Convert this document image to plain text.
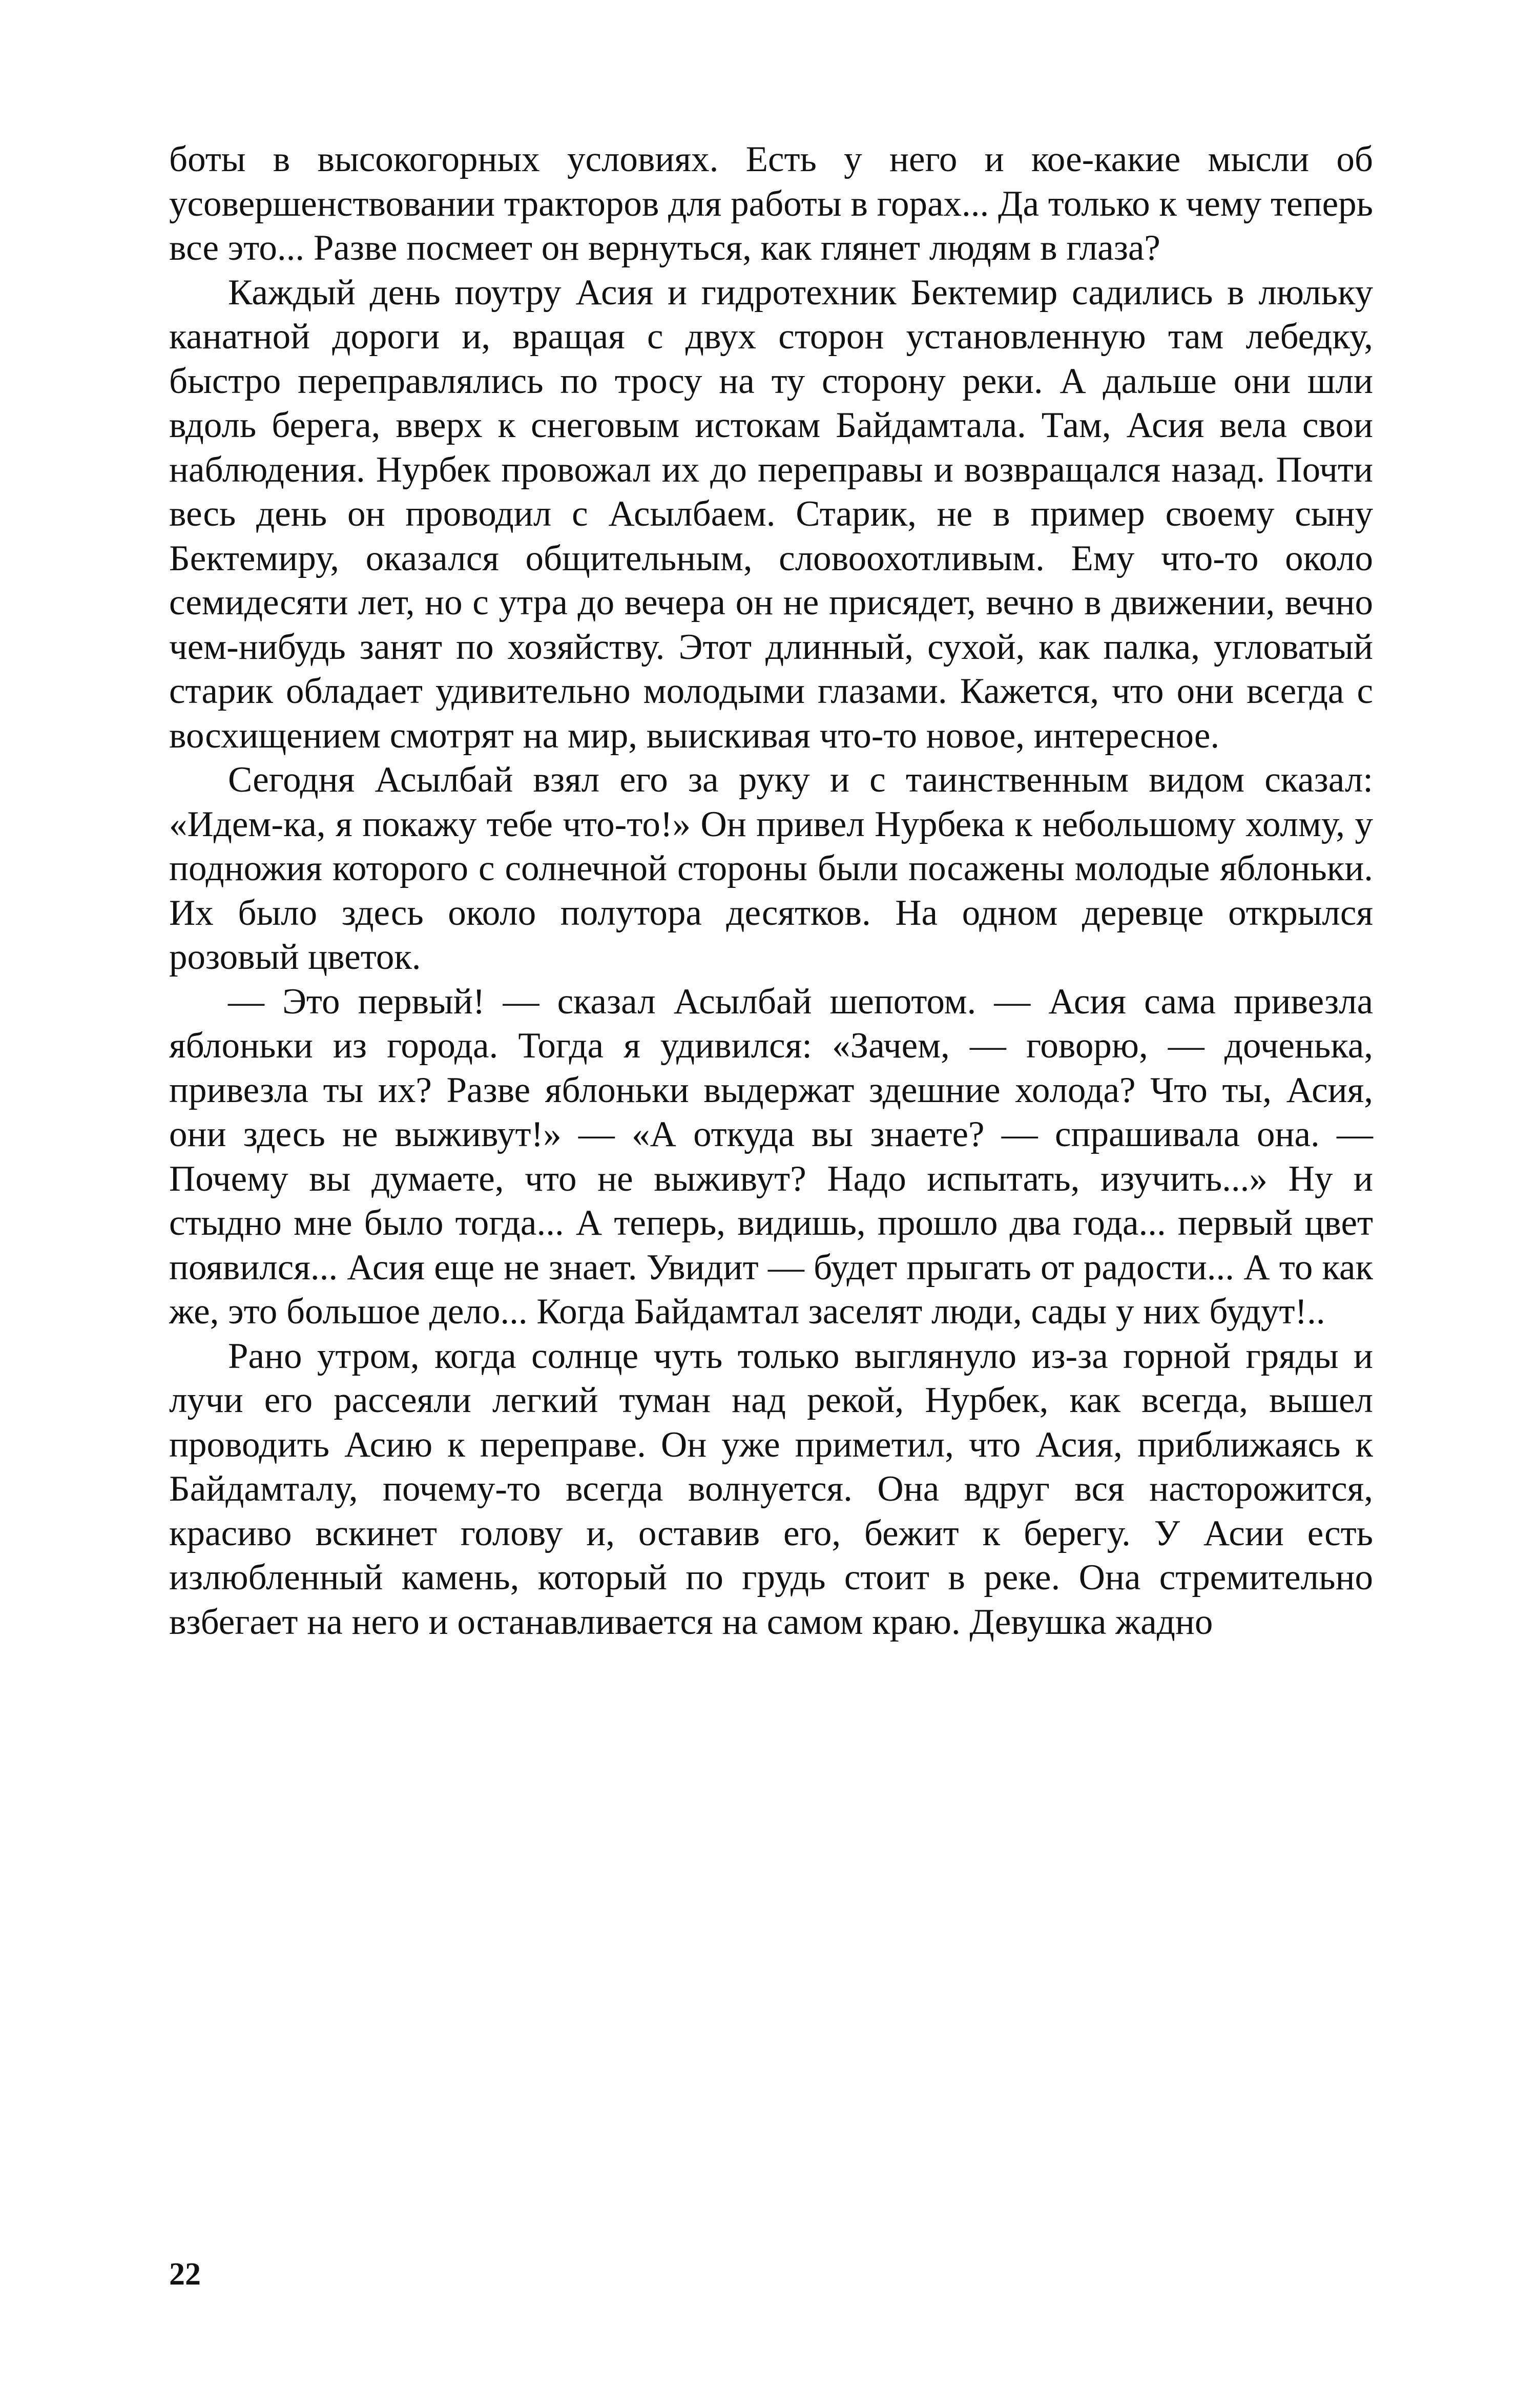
боты в высокогорных условиях. Есть у него и кое-какие мысли об усовершенствовании тракторов для работы в горах... Да только к чему теперь все это... Разве посмеет он вернуться, как глянет людям в глаза?

Каждый день поутру Асия и гидротехник Бектемир садились в люльку канатной дороги и, вращая с двух сторон установленную там лебедку, быстро переправлялись по тросу на ту сторону реки. А дальше они шли вдоль берега, вверх к снеговым истокам Байдамтала. Там, Асия вела свои наблюдения. Нурбек провожал их до переправы и возвращался назад. Почти весь день он проводил с Асылбаем. Старик, не в пример своему сыну Бектемиру, оказался общительным, словоохотливым. Ему что-то около семидесяти лет, но с утра до вечера он не присядет, вечно в движении, вечно чем-нибудь занят по хозяйству. Этот длинный, сухой, как палка, угловатый старик обладает удивительно молодыми глазами. Кажется, что они всегда с восхищением смотрят на мир, выискивая что-то новое, интересное.

Сегодня Асылбай взял его за руку и с таинственным видом сказал: «Идем-ка, я покажу тебе что-то!» Он привел Нурбека к небольшому холму, у подножия которого с солнечной стороны были посажены молодые яблоньки. Их было здесь около полутора десятков. На одном деревце открылся розовый цветок.

— Это первый! — сказал Асылбай шепотом. — Асия сама привезла яблоньки из города. Тогда я удивился: «Зачем, — говорю, — доченька, привезла ты их? Разве яблоньки выдержат здешние холода? Что ты, Асия, они здесь не выживут!» — «А откуда вы знаете? — спрашивала она. — Почему вы думаете, что не выживут? Надо испытать, изучить...» Ну и стыдно мне было тогда... А теперь, видишь, прошло два года... первый цвет появился... Асия еще не знает. Увидит — будет прыгать от радости... А то как же, это большое дело... Когда Байдамтал заселят люди, сады у них будут!..

Рано утром, когда солнце чуть только выглянуло из-за горной гряды и лучи его рассеяли легкий туман над рекой, Нурбек, как всегда, вышел проводить Асию к переправе. Он уже приметил, что Асия, приближаясь к Байдамталу, почему-то всегда волнуется. Она вдруг вся насторожится, красиво вскинет голову и, оставив его, бежит к берегу. У Асии есть излюбленный камень, который по грудь стоит в реке. Она стремительно взбегает на него и останавливается на самом краю. Девушка жадно

22
